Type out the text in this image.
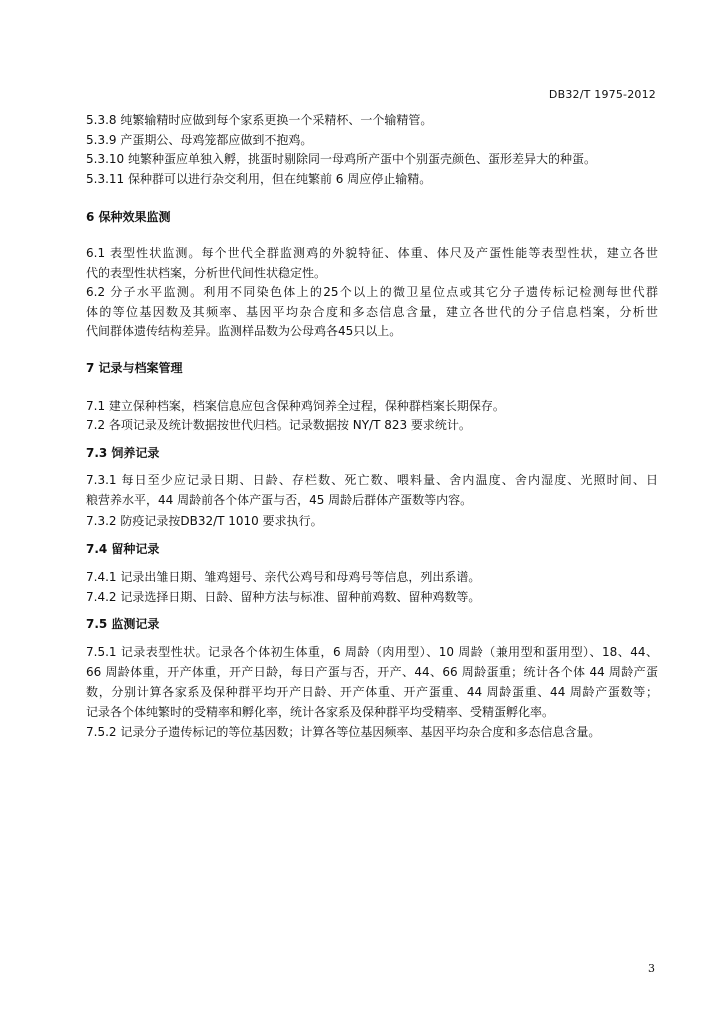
DB32/T 1975-2012
5.3.8 纯繁输精时应做到每个家系更换一个采精杯、一个输精管。
5.3.9 产蛋期公、母鸡笼都应做到不抱鸡。
5.3.10 纯繁种蛋应单独入孵，挑蛋时剔除同一母鸡所产蛋中个别蛋壳颜色、蛋形差异大的种蛋。
5.3.11 保种群可以进行杂交利用，但在纯繁前 6 周应停止输精。
6 保种效果监测
6.1 表型性状监测。每个世代全群监测鸡的外貌特征、体重、体尺及产蛋性能等表型性状，建立各世
代的表型性状档案，分析世代间性状稳定性。
6.2 分子水平监测。利用不同染色体上的25个以上的微卫星位点或其它分子遗传标记检测每世代群
体的等位基因数及其频率、基因平均杂合度和多态信息含量，建立各世代的分子信息档案，分析世
代间群体遗传结构差异。监测样品数为公母鸡各45只以上。
7 记录与档案管理
7.1 建立保种档案，档案信息应包含保种鸡饲养全过程，保种群档案长期保存。
7.2 各项记录及统计数据按世代归档。记录数据按 NY/T 823 要求统计。
7.3 饲养记录
7.3.1 每日至少应记录日期、日龄、存栏数、死亡数、喂料量、舍内温度、舍内湿度、光照时间、日
粮营养水平，44 周龄前各个体产蛋与否，45 周龄后群体产蛋数等内容。
7.3.2 防疫记录按DB32/T 1010 要求执行。
7.4 留种记录
7.4.1 记录出雏日期、雏鸡翅号、亲代公鸡号和母鸡号等信息，列出系谱。
7.4.2 记录选择日期、日龄、留种方法与标准、留种前鸡数、留种鸡数等。
7.5 监测记录
7.5.1 记录表型性状。记录各个体初生体重，6 周龄（肉用型）、10 周龄（兼用型和蛋用型）、18、44、
66 周龄体重，开产体重，开产日龄，每日产蛋与否，开产、44、66 周龄蛋重；统计各个体 44 周龄产蛋
数，分别计算各家系及保种群平均开产日龄、开产体重、开产蛋重、44 周龄蛋重、44 周龄产蛋数等；
记录各个体纯繁时的受精率和孵化率，统计各家系及保种群平均受精率、受精蛋孵化率。
7.5.2 记录分子遗传标记的等位基因数；计算各等位基因频率、基因平均杂合度和多态信息含量。
3
